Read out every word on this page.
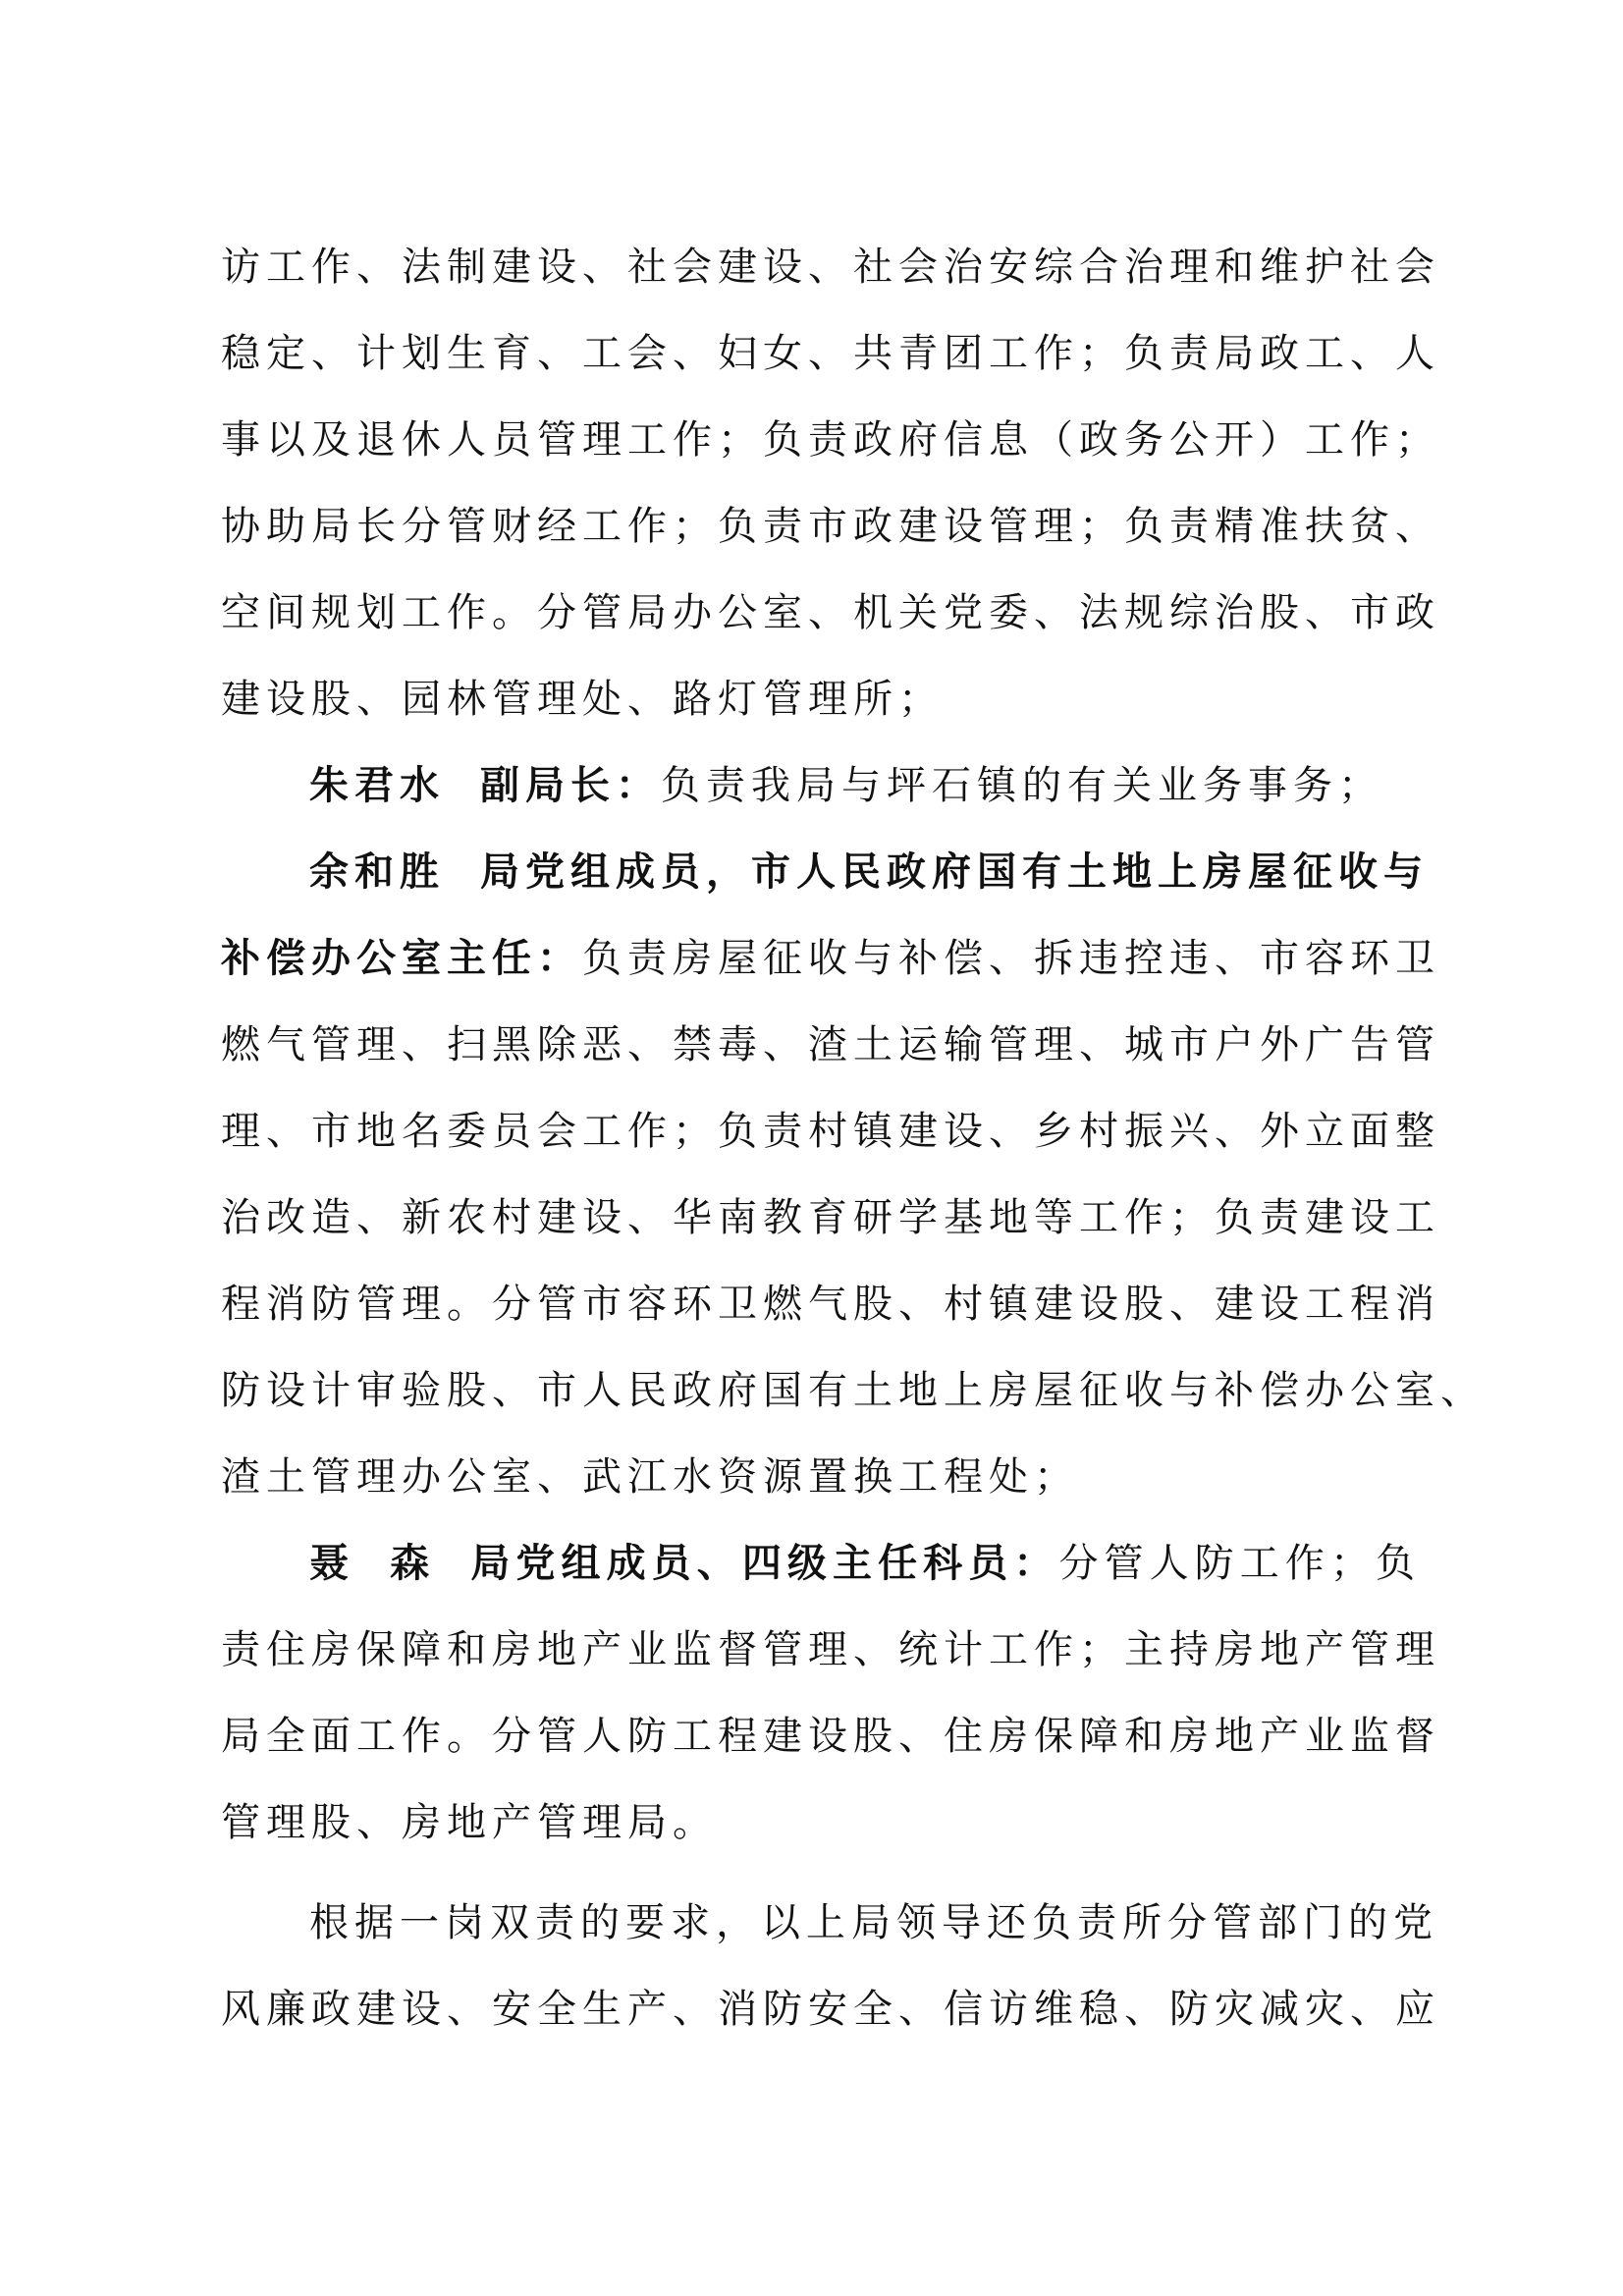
访工作、法制建设、社会建设、社会治安综合治理和维护社会
稳定、计划生育、工会、妇女、共青团工作；负责局政工、人
事以及退休人员管理工作；负责政府信息（政务公开）工作；
协助局长分管财经工作；负责市政建设管理；负责精准扶贫、
空间规划工作。分管局办公室、机关党委、法规综治股、市政
建设股、园林管理处、路灯管理所；
朱君水 副局长：负责我局与坪石镇的有关业务事务；
余和胜 局党组成员，市人民政府国有土地上房屋征收与
补偿办公室主任：负责房屋征收与补偿、拆违控违、市容环卫
燃气管理、扫黑除恶、禁毒、渣土运输管理、城市户外广告管
理、市地名委员会工作；负责村镇建设、乡村振兴、外立面整
治改造、新农村建设、华南教育研学基地等工作；负责建设工
程消防管理。分管市容环卫燃气股、村镇建设股、建设工程消
防设计审验股、市人民政府国有土地上房屋征收与补偿办公室、
渣土管理办公室、武江水资源置换工程处；
聂 森 局党组成员、四级主任科员：分管人防工作；负
责住房保障和房地产业监督管理、统计工作；主持房地产管理
局全面工作。分管人防工程建设股、住房保障和房地产业监督
管理股、房地产管理局。
根据一岗双责的要求，以上局领导还负责所分管部门的党
风廉政建设、安全生产、消防安全、信访维稳、防灾减灾、应
